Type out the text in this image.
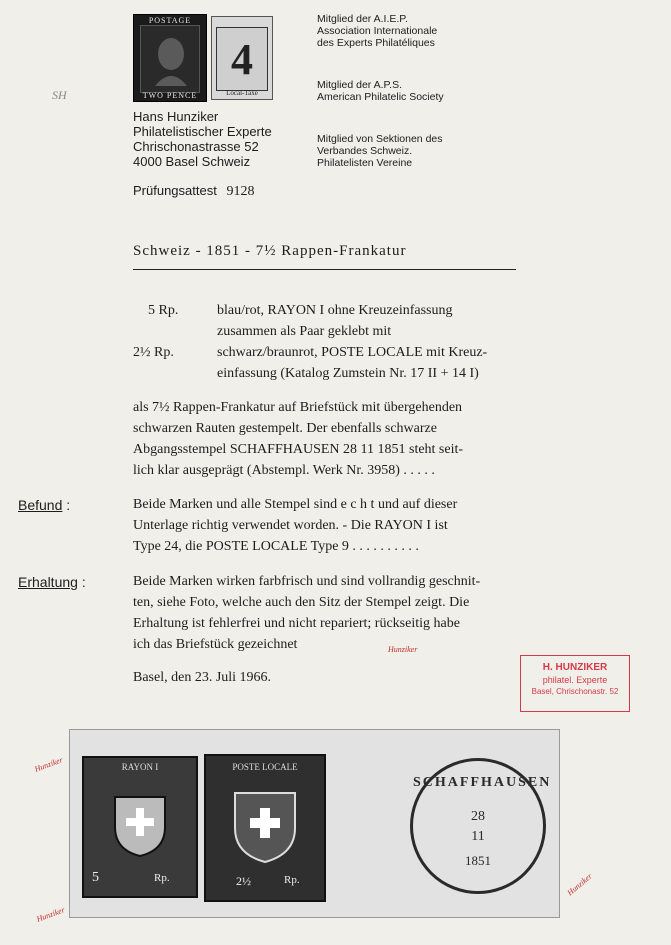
POSTAGE
TWO PENCE
4
Local-Taxe
SH
Mitglied der A.I.E.P.
Association Internationale
des Experts Philatéliques
Mitglied der A.P.S.
American Philatelic Society
Mitglied von Sektionen des
Verbandes Schweiz.
Philatelisten Vereine
Hans Hunziker
Philatelistischer Experte
Chrischonastrasse 52
4000 Basel Schweiz
Prüfungsattest 9128
Schweiz - 1851 - 7½ Rappen-Frankatur
5 Rp.	blau/rot, RAYON I ohne Kreuzeinfassung
zusammen als Paar geklebt mit
2½ Rp.	schwarz/braunrot, POSTE LOCALE mit Kreuz-
einfassung (Katalog Zumstein Nr. 17 II + 14 I)
als 7½ Rappen-Frankatur auf Briefstück mit übergehenden
schwarzen Rauten gestempelt. Der ebenfalls schwarze
Abgangsstempel SCHAFFHAUSEN 28 11 1851 steht seit-
lich klar ausgeprägt (Abstempl. Werk Nr. 3958) . . . . .
Befund :	Beide Marken und alle Stempel sind e c h t und auf dieser
Unterlage richtig verwendet worden. - Die RAYON I ist
Type 24, die POSTE LOCALE Type 9 . . . . . . . . . .
Erhaltung :	Beide Marken wirken farbfrisch und sind vollrandig geschnit-
ten, siehe Foto, welche auch den Sitz der Stempel zeigt. Die
Erhaltung ist fehlerfrei und nicht repariert; rückseitig habe
ich das Briefstück gezeichnet	Hunziker
Basel, den 23. Juli 1966.
H. HUNZIKER
philatel. Experte
Basel, Chrischonastr. 52
Hunziker
Hunziker
Hunziker
RAYON I
5	Rp.
POSTE LOCALE
2½	Rp.
SCHAFFHAUSEN
28
11
1851
